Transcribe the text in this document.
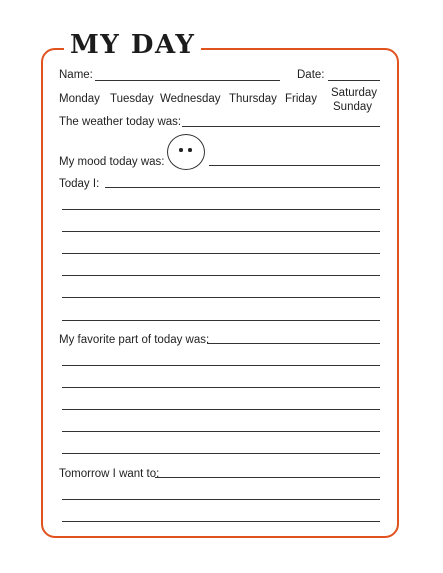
MY DAY
Name:	Date:
Monday Tuesday Wednesday Thursday Friday Saturday
Sunday
The weather today was:
My mood today was:
Today I:
My favorite part of today was:
Tomorrow I want to:
